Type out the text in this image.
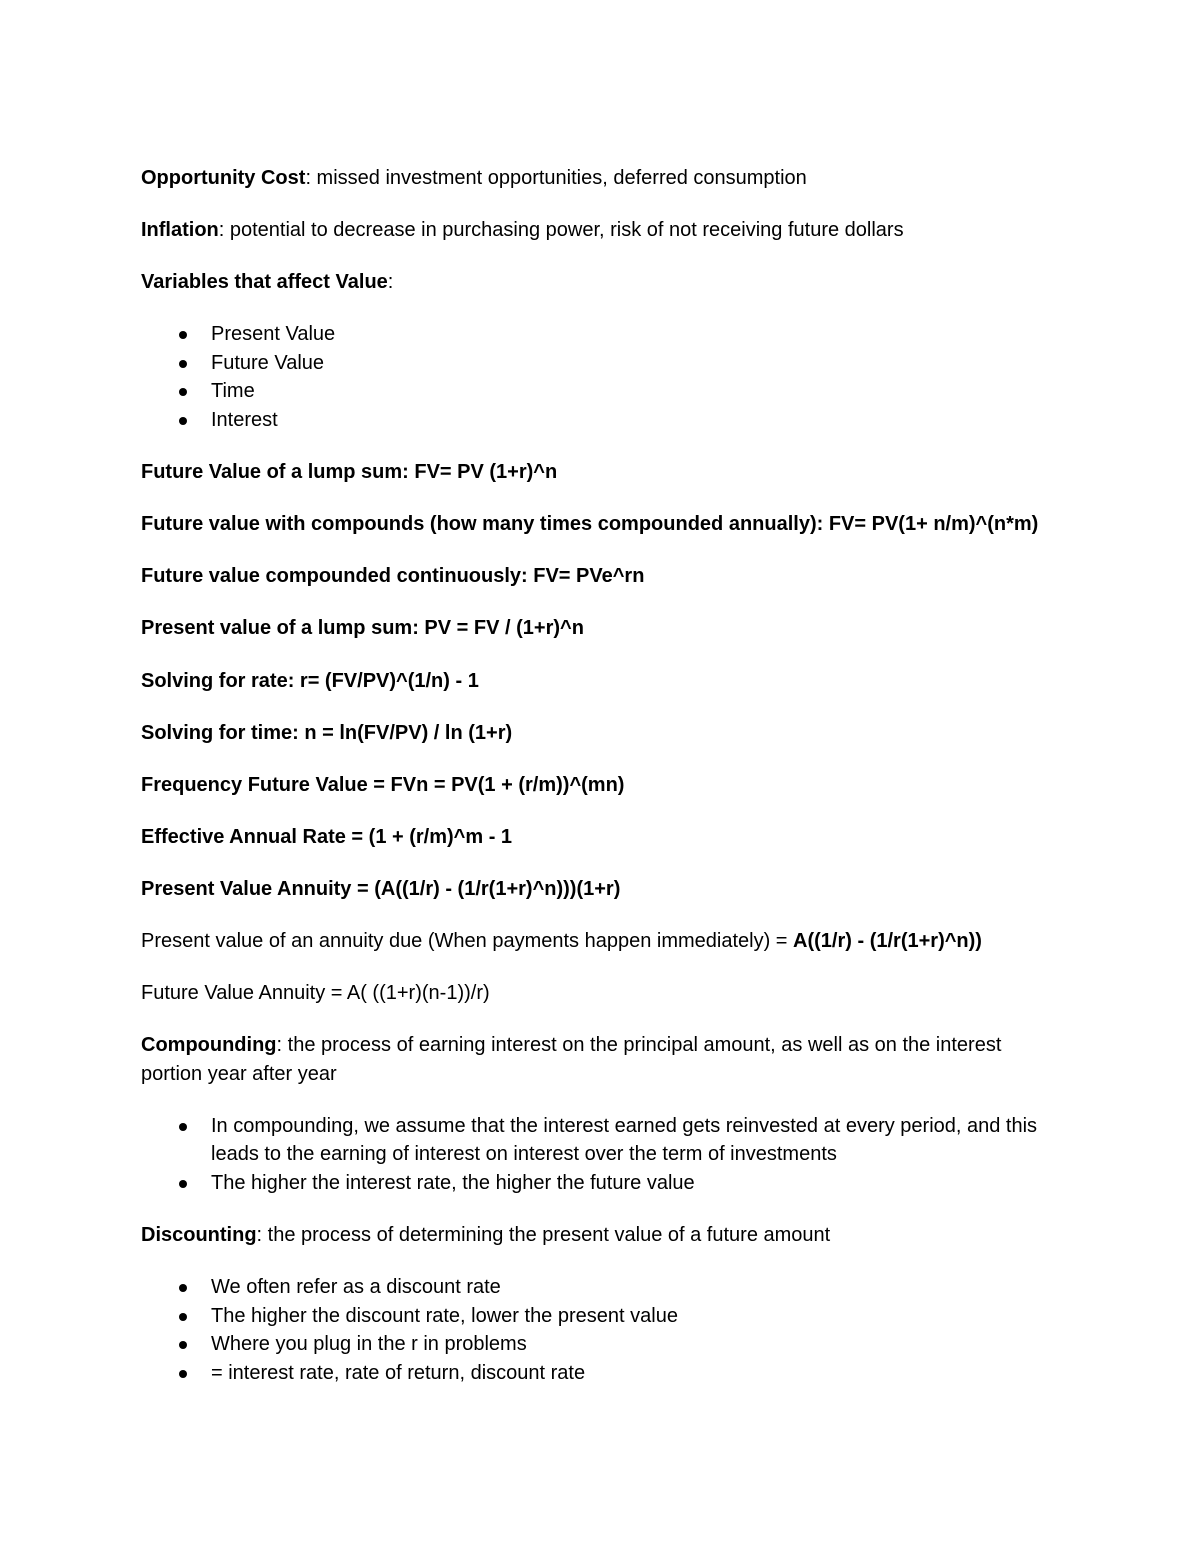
Opportunity Cost: missed investment opportunities, deferred consumption

Inflation: potential to decrease in purchasing power, risk of not receiving future dollars

Variables that affect Value:

Present Value
Future Value
Time
Interest

Future Value of a lump sum: FV= PV (1+r)^n

Future value with compounds (how many times compounded annually): FV= PV(1+ n/m)^(n*m)

Future value compounded continuously: FV= PVe^rn

Present value of a lump sum: PV = FV / (1+r)^n

Solving for rate: r= (FV/PV)^(1/n) - 1

Solving for time: n = ln(FV/PV) / ln (1+r)

Frequency Future Value = FVn = PV(1 + (r/m))^(mn)

Effective Annual Rate = (1 + (r/m)^m - 1

Present Value Annuity = (A((1/r) - (1/r(1+r)^n)))(1+r)

Present value of an annuity due (When payments happen immediately) = A((1/r) - (1/r(1+r)^n))

Future Value Annuity = A( ((1+r)(n-1))/r)

Compounding: the process of earning interest on the principal amount, as well as on the interest portion year after year

In compounding, we assume that the interest earned gets reinvested at every period, and this leads to the earning of interest on interest over the term of investments
The higher the interest rate, the higher the future value

Discounting: the process of determining the present value of a future amount

We often refer as a discount rate
The higher the discount rate, lower the present value
Where you plug in the r in problems
= interest rate, rate of return, discount rate
